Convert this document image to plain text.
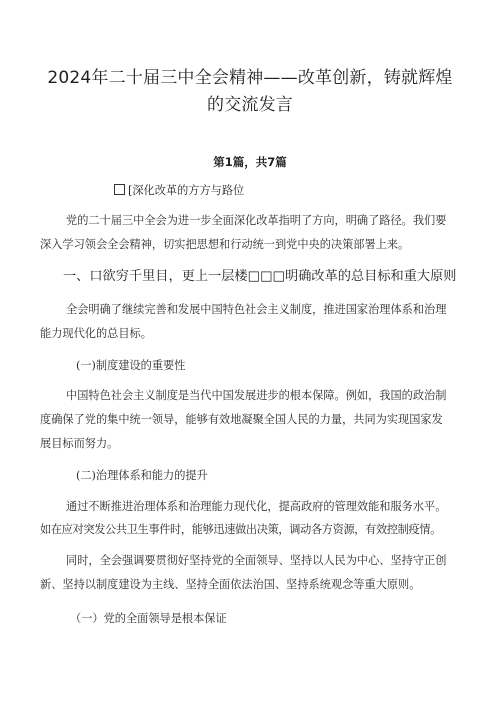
2024年二十届三中全会精神——改革创新，铸就辉煌
的交流发言
第1篇，共7篇
[深化改革的方方与路位
党的二十届三中全会为进一步全面深化改革指明了方向，明确了路径。我们要
深入学习领会全会精神，切实把思想和行动统一到党中央的决策部署上来。
一、口欲穷千里目，更上一层楼□□□明确改革的总目标和重大原则
全会明确了继续完善和发展中国特色社会主义制度，推进国家治理体系和治理
能力现代化的总目标。
(一)制度建设的重要性
中国特色社会主义制度是当代中国发展进步的根本保障。例如，我国的政治制
度确保了党的集中统一领导，能够有效地凝聚全国人民的力量，共同为实现国家发
展目标而努力。
(二)治理体系和能力的提升
通过不断推进治理体系和治理能力现代化，提高政府的管理效能和服务水平。
如在应对突发公共卫生事件时，能够迅速做出决策，调动各方资源，有效控制疫情。
同时，全会强调要贯彻好坚持党的全面领导、坚持以人民为中心、坚持守正创
新、坚持以制度建设为主线、坚持全面依法治国、坚持系统观念等重大原则。
（一）党的全面领导是根本保证
